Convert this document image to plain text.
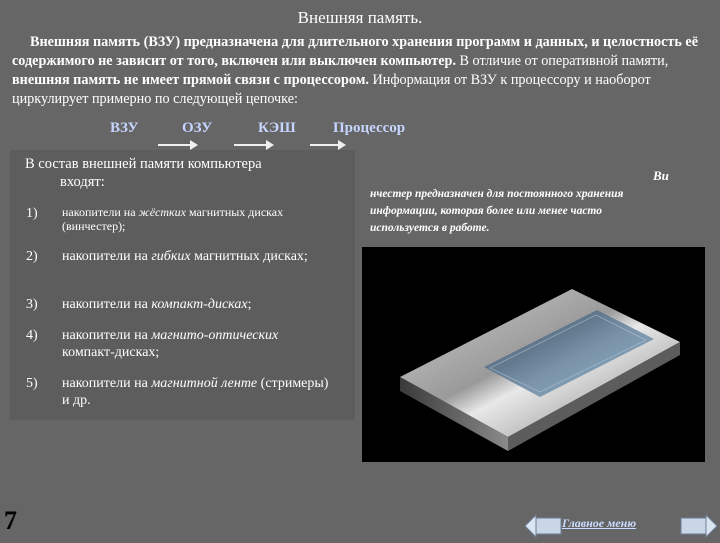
Внешняя память.
Внешняя память (ВЗУ) предназначена для длительного хранения программ и данных, и целостность её содержимого не зависит от того, включен или выключен компьютер. В отличие от оперативной памяти, внешняя память не имеет прямой связи с процессором. Информация от ВЗУ к процессору и наоборот циркулирует примерно по следующей цепочке:
ВЗУ	ОЗУ	КЭШ Процессор
В состав внешней памяти компьютера
входят:
1) накопители на жёстких магнитных дисках (винчестер);
2) накопители на гибких магнитных дисках;
3) накопители на компакт-дисках;
4) накопители на магнито-оптических компакт-дисках;
5) накопители на магнитной ленте (стримеры) и др.
Ви
нчестер предназначен для постоянного хранения информации, которая более или менее часто используется в работе.
7	Главное меню
